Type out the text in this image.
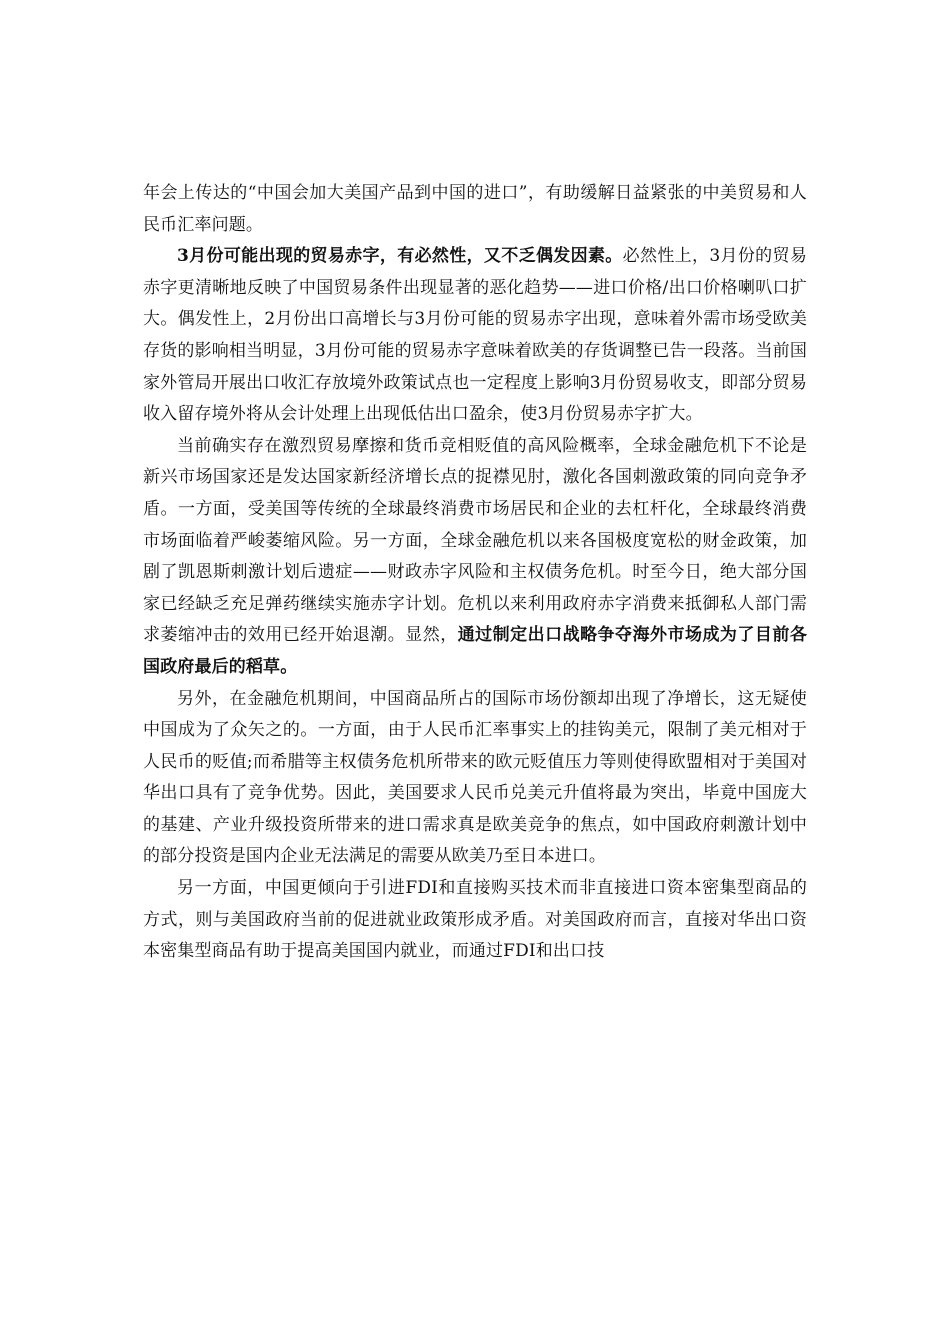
年会上传达的“中国会加大美国产品到中国的进口”，有助缓解日益紧张的中美贸易和人民币汇率问题。

3月份可能出现的贸易赤字，有必然性，又不乏偶发因素。必然性上，3月份的贸易赤字更清晰地反映了中国贸易条件出现显著的恶化趋势——进口价格/出口价格喇叭口扩大。偶发性上，2月份出口高增长与3月份可能的贸易赤字出现，意味着外需市场受欧美存货的影响相当明显，3月份可能的贸易赤字意味着欧美的存货调整已告一段落。当前国家外管局开展出口收汇存放境外政策试点也一定程度上影响3月份贸易收支，即部分贸易收入留存境外将从会计处理上出现低估出口盈余，使3月份贸易赤字扩大。

当前确实存在激烈贸易摩擦和货币竞相贬值的高风险概率，全球金融危机下不论是新兴市场国家还是发达国家新经济增长点的捉襟见肘，激化各国刺激政策的同向竞争矛盾。一方面，受美国等传统的全球最终消费市场居民和企业的去杠杆化，全球最终消费市场面临着严峻萎缩风险。另一方面，全球金融危机以来各国极度宽松的财金政策，加剧了凯恩斯刺激计划后遗症——财政赤字风险和主权债务危机。时至今日，绝大部分国家已经缺乏充足弹药继续实施赤字计划。危机以来利用政府赤字消费来抵御私人部门需求萎缩冲击的效用已经开始退潮。显然，通过制定出口战略争夺海外市场成为了目前各国政府最后的稻草。

另外，在金融危机期间，中国商品所占的国际市场份额却出现了净增长，这无疑使中国成为了众矢之的。一方面，由于人民币汇率事实上的挂钩美元，限制了美元相对于人民币的贬值;而希腊等主权债务危机所带来的欧元贬值压力等则使得欧盟相对于美国对华出口具有了竞争优势。因此，美国要求人民币兑美元升值将最为突出，毕竟中国庞大的基建、产业升级投资所带来的进口需求真是欧美竞争的焦点，如中国政府刺激计划中的部分投资是国内企业无法满足的需要从欧美乃至日本进口。

另一方面，中国更倾向于引进FDI和直接购买技术而非直接进口资本密集型商品的方式，则与美国政府当前的促进就业政策形成矛盾。对美国政府而言，直接对华出口资本密集型商品有助于提高美国国内就业，而通过FDI和出口技
